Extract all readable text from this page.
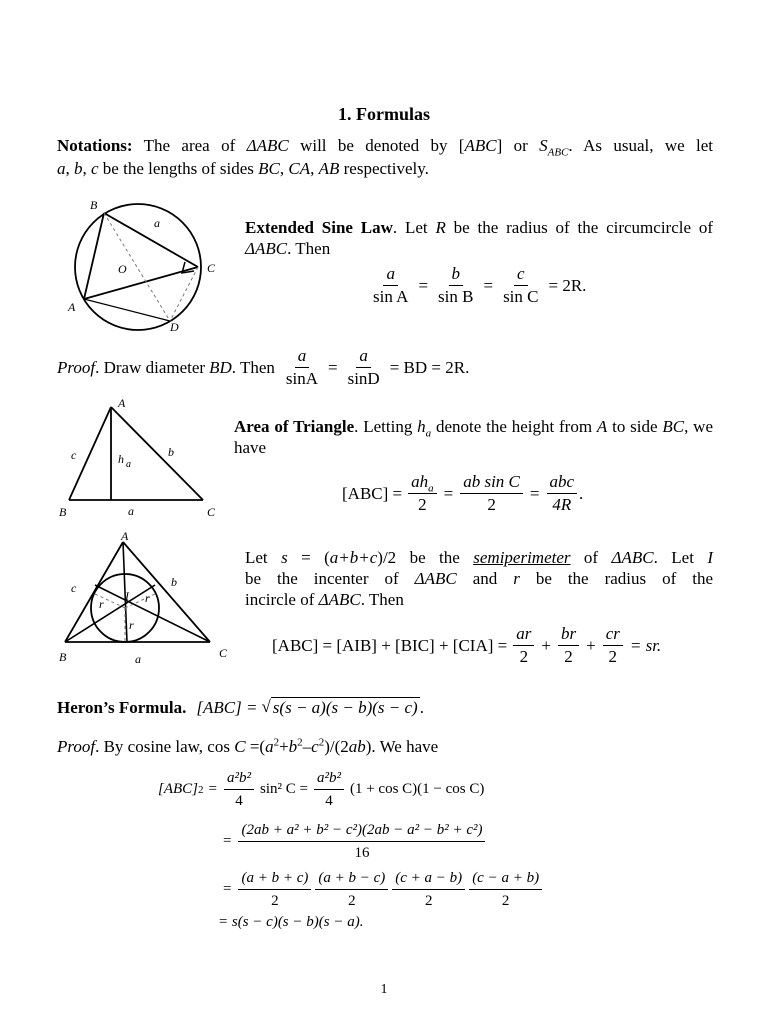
1. Formulas
Notations: The area of ΔABC will be denoted by [ABC] or $S_{ABC}$. As usual, we let
a, b, c be the lengths of sides BC, CA, AB respectively.
B
a
O	C
A
D
Extended Sine Law. Let R be the radius of the circumcircle of ΔABC. Then
$\frac{a}{\text{sin A}} = \frac{b}{\text{sin B}} = \frac{c}{\text{sin C}} = 2R$.
Proof . Draw diameter BD . Then $\frac{a}{\sin A} = \frac{a}{\sin D}$ = BD = 2R.
A
c	h a
b
B	a	C
Area of Triangle. Letting $h_a$ denote the height from A to side BC, we have
$[ABC] = \frac{ah_a}{2} = \frac{\text{ab sin C}}{2} = \frac{\text{abc}}{4R}$ .
A
c	b
r
I r
r
B	a	C
Let s = (a+b+c)/2 be the semiperimeter of ΔABC. Let I
be the incenter of ΔABC and r be the radius of the
incircle of ΔABC. Then
$[ABC] = [AIB] + [BIC] + [CIA] = \frac{ar}{2} + \frac{br}{2} + \frac{cr}{2}$ = sr.
Heron’s Formula . [ABC] = √ s(s − a)(s − b)(s − c) .
Proof. By cosine law, $\cos C =(a^2+b^2-c^2)/(2ab)$. We have
[ABC] $2 = \frac{\text{a²b²}}{4} \sin^2$ $C = \frac{\text{a²b²}}{4} (1 + \cos C)(1 - \cos C)$
= $\frac{\text{(2ab + a² + b² − c²)(2ab − a² − b² + c²)}}{16}$
= $\frac{(a + b + c)}{2} \frac{(a + b - c)}{2} \frac{(c + a - b)}{2} \frac{(c - a + b)}{2}$
= s(s − c)(s − b)(s − a).
1
